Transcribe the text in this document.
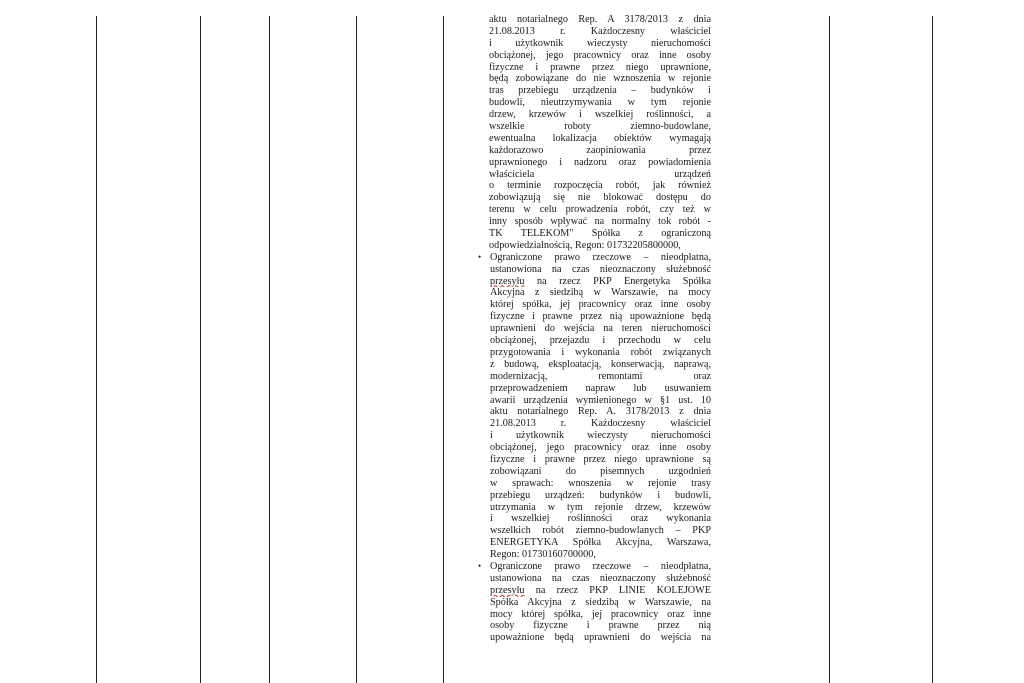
aktu notarialnego Rep. A 3178/2013 z dnia
21.08.2013 r. Każdoczesny właściciel
i użytkownik wieczysty nieruchomości
obciążonej, jego pracownicy oraz inne osoby
fizyczne i prawne przez niego uprawnione,
będą zobowiązane do nie wznoszenia w rejonie
tras przebiegu urządzenia – budynków i
budowli, nieutrzymywania w tym rejonie
drzew, krzewów i wszelkiej roślinności, a
wszelkie roboty ziemno-budowlane,
ewentualna lokalizacja obiektów wymagają
każdorazowo zaopiniowania przez
uprawnionego i nadzoru oraz powiadomienia
właściciela urządzeń
o terminie rozpoczęcia robót, jak również
zobowiązują się nie blokować dostępu do
terenu w celu prowadzenia robót, czy też w
inny sposób wpływać na normalny tok robót -
TK TELEKOM" Spółka z ograniczoną
odpowiedzialnością, Regon: 01732205800000,
• Ograniczone prawo rzeczowe – nieodpłatna,
ustanowiona na czas nieoznaczony służebność
przesyłu na rzecz PKP Energetyka Spółka
Akcyjna z siedzibą w Warszawie, na mocy
której spółka, jej pracownicy oraz inne osoby
fizyczne i prawne przez nią upoważnione będą
uprawnieni do wejścia na teren nieruchomości
obciążonej, przejazdu i przechodu w celu
przygotowania i wykonania robót związanych
z budową, eksploatacją, konserwacją, naprawą,
modernizacją, remontami oraz
przeprowadzeniem napraw lub usuwaniem
awarii urządzenia wymienionego w §1 ust. 10
aktu notarialnego Rep. A. 3178/2013 z dnia
21.08.2013 r. Każdoczesny właściciel
i użytkownik wieczysty nieruchomości
obciążonej, jego pracownicy oraz inne osoby
fizyczne i prawne przez niego uprawnione są
zobowiązani do pisemnych uzgodnień
w sprawach: wnoszenia w rejonie trasy
przebiegu urządzeń: budynków i budowli,
utrzymania w tym rejonie drzew, krzewów
i wszelkiej roślinności oraz wykonania
wszelkich robót ziemno-budowlanych – PKP
ENERGETYKA Spółka Akcyjna, Warszawa,
Regon: 01730160700000,
• Ograniczone prawo rzeczowe – nieodpłatna,
ustanowiona na czas nieoznaczony służebność
przesyłu na rzecz PKP LINIE KOLEJOWE
Spółka Akcyjna z siedzibą w Warszawie, na
mocy której spółka, jej pracownicy oraz inne
osoby fizyczne i prawne przez nią
upoważnione będą uprawnieni do wejścia na
